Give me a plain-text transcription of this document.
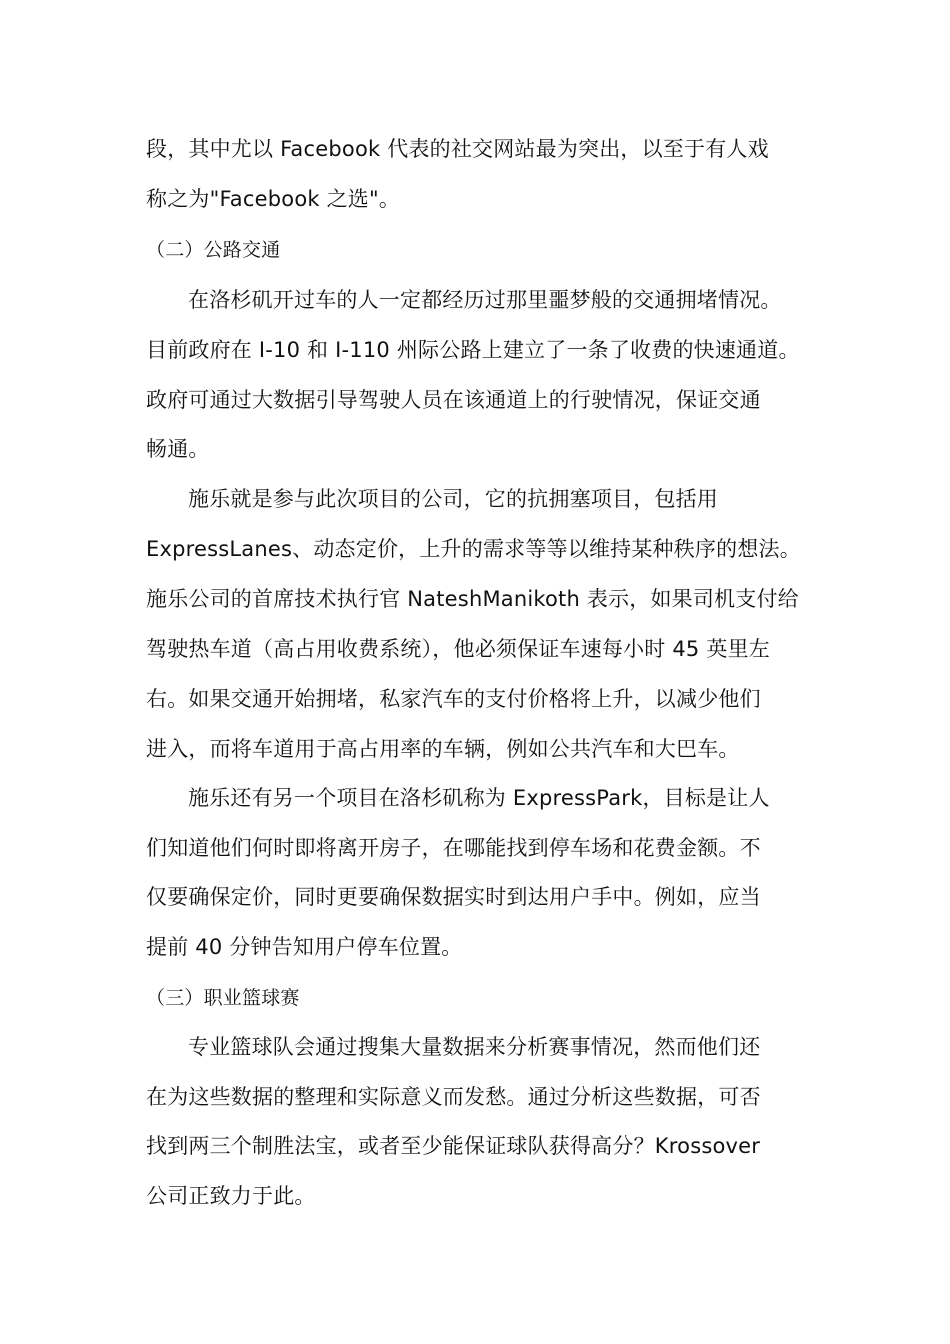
段，其中尤以 Facebook 代表的社交网站最为突出，以至于有人戏
称之为"Facebook 之选"。
（二）公路交通
在洛杉矶开过车的人一定都经历过那里噩梦般的交通拥堵情况。
目前政府在 I-10 和 I-110 州际公路上建立了一条了收费的快速通道。
政府可通过大数据引导驾驶人员在该通道上的行驶情况，保证交通
畅通。
施乐就是参与此次项目的公司，它的抗拥塞项目，包括用
ExpressLanes、动态定价，上升的需求等等以维持某种秩序的想法。
施乐公司的首席技术执行官 NateshManikoth 表示，如果司机支付给
驾驶热车道（高占用收费系统），他必须保证车速每小时 45 英里左
右。如果交通开始拥堵，私家汽车的支付价格将上升，以减少他们
进入，而将车道用于高占用率的车辆，例如公共汽车和大巴车。
施乐还有另一个项目在洛杉矶称为 ExpressPark，目标是让人
们知道他们何时即将离开房子，在哪能找到停车场和花费金额。不
仅要确保定价，同时更要确保数据实时到达用户手中。例如，应当
提前 40 分钟告知用户停车位置。
（三）职业篮球赛
专业篮球队会通过搜集大量数据来分析赛事情况，然而他们还
在为这些数据的整理和实际意义而发愁。通过分析这些数据，可否
找到两三个制胜法宝，或者至少能保证球队获得高分？Krossover
公司正致力于此。
